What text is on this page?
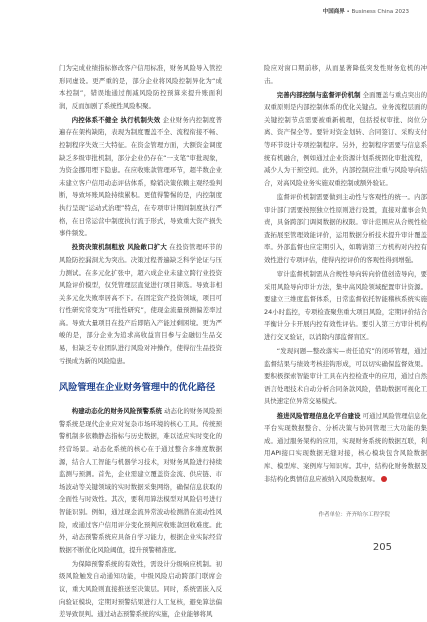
中国商界 • Business China 2023

门为完成业绩指标修改客户信用标准，财务风险导入管控形同虚设。更严重的是，部分企业将风险控制异化为“成本控制”，错误地通过削减风险防控预算来提升账面利润，反而加剧了系统性风险积聚。

内控体系不健全 执行机制失效 企业财务内控制度普遍存在架构缺陷，表现为制度覆盖不全、流程衔接不畅、控制程序失效三大特征。在资金管理方面，大额资金调度缺乏多级审批机制，部分企业仍存在“一支笔”审批现象，为资金挪用埋下隐患。在应收账款管理环节，超半数企业未建立客户信用动态评估体系，赊销决策依赖主观经验判断，导致坏账风险持续累积。更值得警惕的是，内控制度执行呈现“运动式治理”特点，在专项审计期间制度执行严格，在日常运营中制度执行流于形式，导致重大资产损失事件频发。

投资决策机制粗放 风险敞口扩大 在投资管理环节的风险防控漏洞尤为突出。决策过程普遍缺乏科学论证与压力测试。在多元化扩张中，超六成企业未建立跨行业投资风险评价模型，仅凭管理层直觉进行项目筛选。导致非相关多元化失败率居高不下。在固定资产投资领域，项目可行性研究常变为“可批性研究”，使现金流量预测偏差率过高。导致大量项目在投产后即陷入产能过剩困境。更为严峻的是，部分企业为追求高收益盲目参与金融衍生品交易，但缺乏专业团队进行风险对冲操作，使得衍生品投资亏损成为新的风险隐患。

风险管理在企业财务管理中的优化路径

构建动态化的财务风险预警系统 动态化的财务风险预警系统是现代企业应对复杂市场环境的核心工具。传统预警机制多依赖静态指标与历史数据，难以适应实时变化的经营场景。动态化系统的核心在于通过整合多维度数据源，结合人工智能与机器学习技术，对财务风险进行持续监测与预测。首先，企业需建立覆盖资金流、供应链、市场波动等关键领域的实时数据采集网络，确保信息获取的全面性与时效性。其次，要利用算法模型对风险信号进行智能识别。例如，通过现金流异常波动检测潜在流动性风险，或通过客户信用评分变化预判应收账款回收难度。此外，动态预警系统应具备自学习能力，根据企业实际经营数据不断优化风险阈值，提升预警精准度。

为保障预警系统的有效性，需设计分级响应机制。初级风险触发自动通知功能，中级风险启动跨部门联席会议，重大风险则直接推送至决策层。同时，系统需嵌入反向验证模块，定期对预警结果进行人工复核，避免算法偏差导致误判。通过动态预警系统的实施，企业能够将风

险应对窗口期前移，从而显著降低突发性财务危机的冲击。

完善内部控制与监督评价机制 全面覆盖与重点突出的双重原则是内部控制体系的优化关键点。业务流程层面的关键控制节点需要被重新梳理，包括授权审批、岗位分离、资产保全等。要针对资金划转、合同签订、采购支付等环节设计专项控制程序。另外，控制程序需要与信息系统有机融合，例如通过企业资源计划系统固化审批流程，减少人为干预空间。此外，内部控制应注重与风险导向结合，对高风险业务实施双重控制或额外验证。

监督评价机制需要做到主动性与客观性的统一。内部审计部门需要按照独立性原则进行设置，直接对董事会负责，具备跨部门调阅数据的权限。审计范围应从合规性检查拓展至管理效能评价，运用数据分析技术提升审计覆盖率。外部监督也应定期引入，如聘请第三方机构对内控有效性进行专项评估，使得内控评价的客观性得到增强。

审计监督机制需从合规性导向转向价值创造导向，要采用风险导向审计方法，集中高风险领域配置审计资源。要建立三维度监督体系，日常监督依托智能稽核系统实施24小时监控，专项检查聚焦重大项目风险，定期评价结合平衡计分卡开展内控有效性评估。要引入第三方审计机构进行交叉验证，以消除内部监督盲区。

“发现问题—整改落实—责任追究”的闭环管理，通过监督结果与绩效考核挂钩形成，可以切实确保监督效果。要积极探索智能审计工具在内控检查中的应用，通过自然语言处理技术自动分析合同条款风险，借助数据可视化工具快速定位异常交易模式。

推进风险管理信息化平台建设 可通过风险管理信息化平台实现数据整合、分析决策与协同管理三大功能的集成。通过服务架构的应用，实现财务系统的数据互联，利用API接口实现数据无缝对接，核心模块包含风险数据库、模型库、案例库与知识库。其中，结构化财务数据及非结构化舆情信息应被纳入风险数据库。

作者单位：齐齐哈尔工程学院
205
